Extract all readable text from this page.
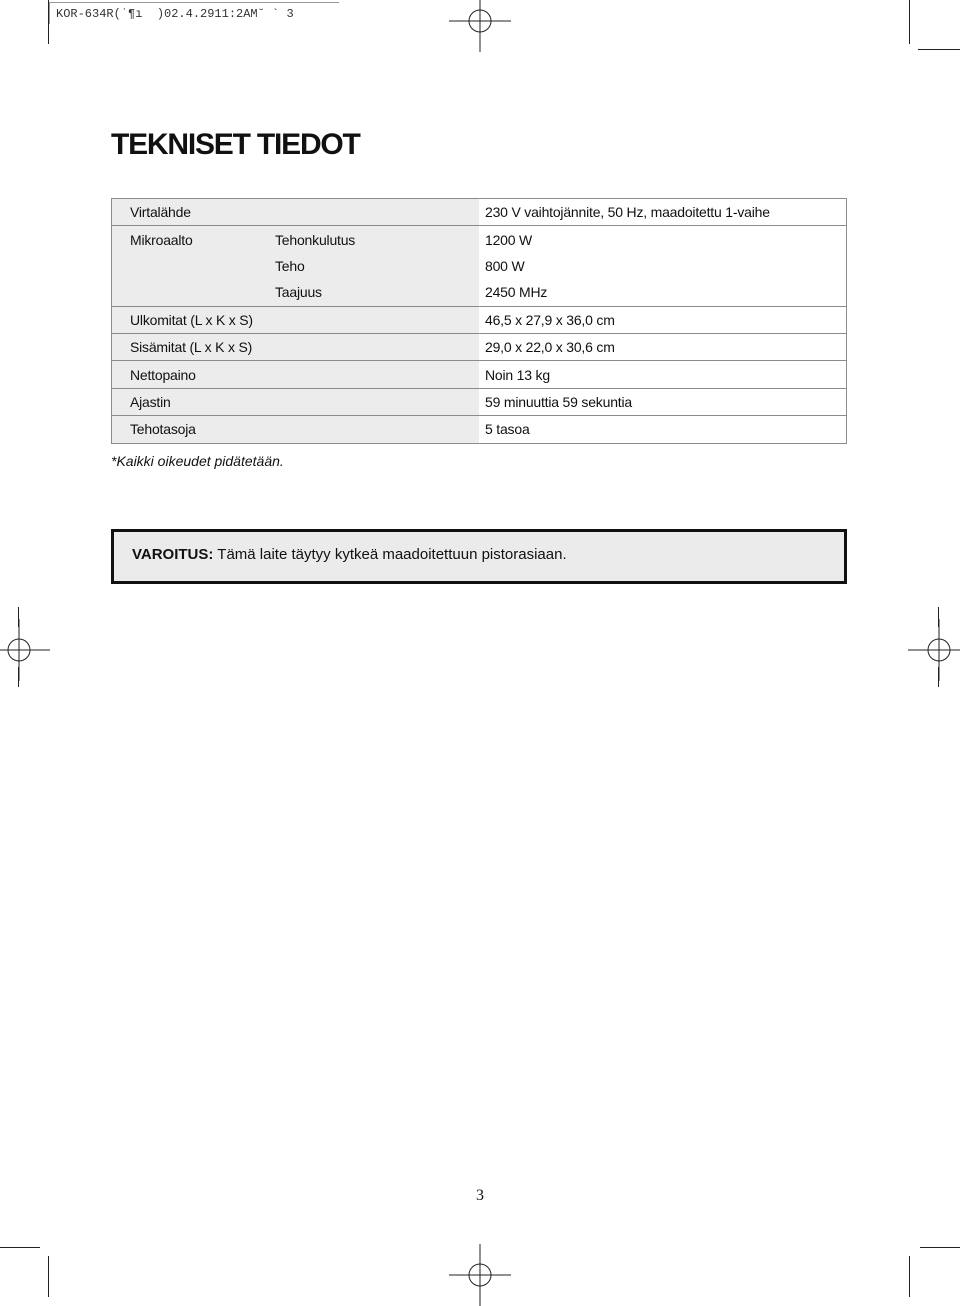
KOR-634R(˙¶ı  )02.4.2911:2AM˘ ` 3
TEKNISET TIEDOT
Virtalähde		230 V vaihtojännite, 50 Hz, maadoitettu 1-vaihe
Mikroaalto	Tehonkulutus	1200 W
	Teho	800 W
	Taajuus	2450 MHz
Ulkomitat (L x K x S)		46,5 x 27,9 x 36,0 cm
Sisämitat (L x K x S)		29,0 x 22,0 x 30,6 cm
Nettopaino		Noin 13 kg
Ajastin		59 minuuttia 59 sekuntia
Tehotasoja		5 tasoa
*Kaikki oikeudet pidätetään.
VAROITUS: Tämä laite täytyy kytkeä maadoitettuun pistorasiaan.
3
